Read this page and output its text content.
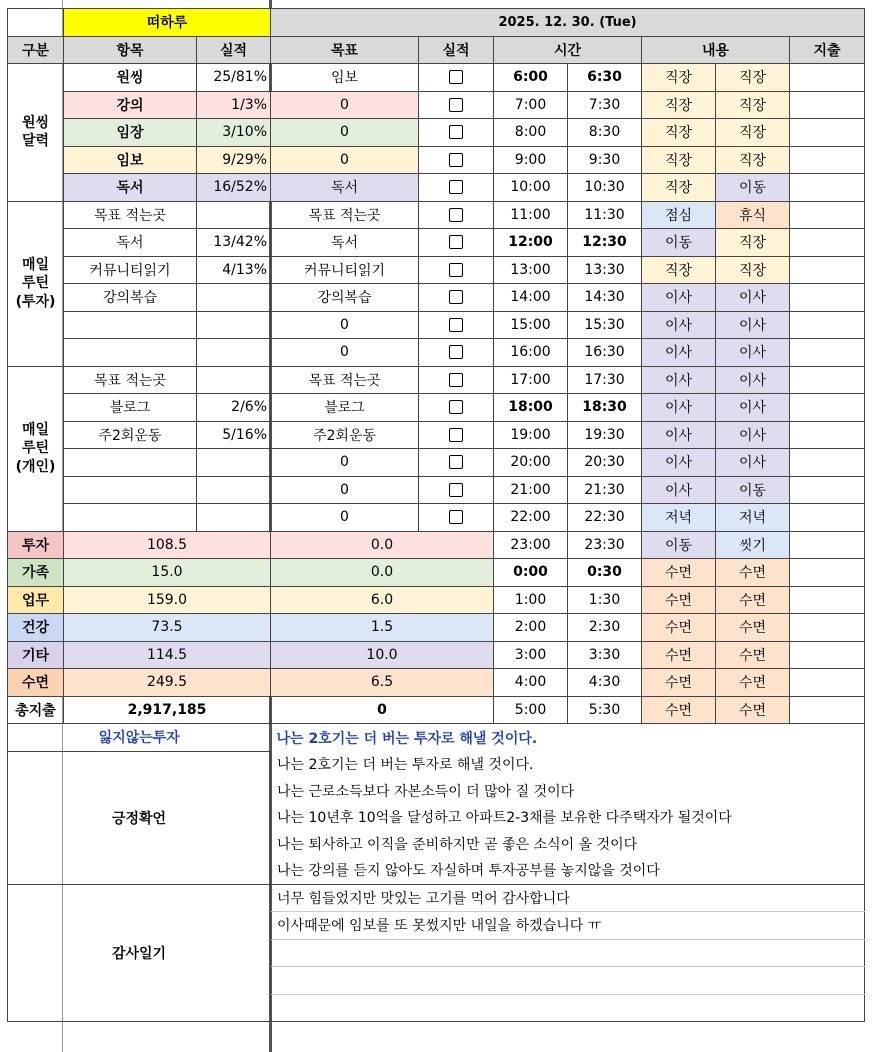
	떠하루		2025. 12. 30. (Tue)						
구분	항목	실적	목표	실적	시간		내용		지출
원씽
달력	원씽	25/81%	임보		6:00	6:30	직장	직장	
	강의	1/3%	0		7:00	7:30	직장	직장	
	임장	3/10%	0		8:00	8:30	직장	직장	
	임보	9/29%	0		9:00	9:30	직장	직장	
	독서	16/52%	독서		10:00	10:30	직장	이동	
매일
루틴
(투자)	목표 적는곳		목표 적는곳		11:00	11:30	점심	휴식	
	독서	13/42%	독서		12:00	12:30	이동	직장	
	커뮤니티읽기	4/13%	커뮤니티읽기		13:00	13:30	직장	직장	
	강의복습		강의복습		14:00	14:30	이사	이사	
			0		15:00	15:30	이사	이사	
			0		16:00	16:30	이사	이사	
매일
루틴
(개인)	목표 적는곳		목표 적는곳		17:00	17:30	이사	이사	
	블로그	2/6%	블로그		18:00	18:30	이사	이사	
	주2회운동	5/16%	주2회운동		19:00	19:30	이사	이사	
			0		20:00	20:30	이사	이사	
			0		21:00	21:30	이사	이동	
			0		22:00	22:30	저녁	저녁	
투자	108.5		0.0		23:00	23:30	이동	씻기	
가족	15.0		0.0		0:00	0:30	수면	수면	
업무	159.0		6.0		1:00	1:30	수면	수면	
건강	73.5		1.5		2:00	2:30	수면	수면	
기타	114.5		10.0		3:00	3:30	수면	수면	
수면	249.5		6.5		4:00	4:30	수면	수면	
총지출	2,917,185		0		5:00	5:30	수면	수면	
잃지않는투자			나는 2호기는 더 버는 투자로 해낼 것이다.						
긍정확언			나는 2호기는 더 버는 투자로 해낼 것이다.						
			나는 근로소득보다 자본소득이 더 많아 질 것이다						
			나는 10년후 10억을 달성하고 아파트2-3채를 보유한 다주택자가 될것이다						
			나는 퇴사하고 이직을 준비하지만 곧 좋은 소식이 올 것이다						
			나는 강의를 듣지 않아도 자실하며 투자공부를 놓지않을 것이다						
감사일기			너무 힘들었지만 맛있는 고기를 먹어 감사합니다						
			이사때문에 임보를 또 못썼지만 내일을 하겠습니다 ㅠ						
